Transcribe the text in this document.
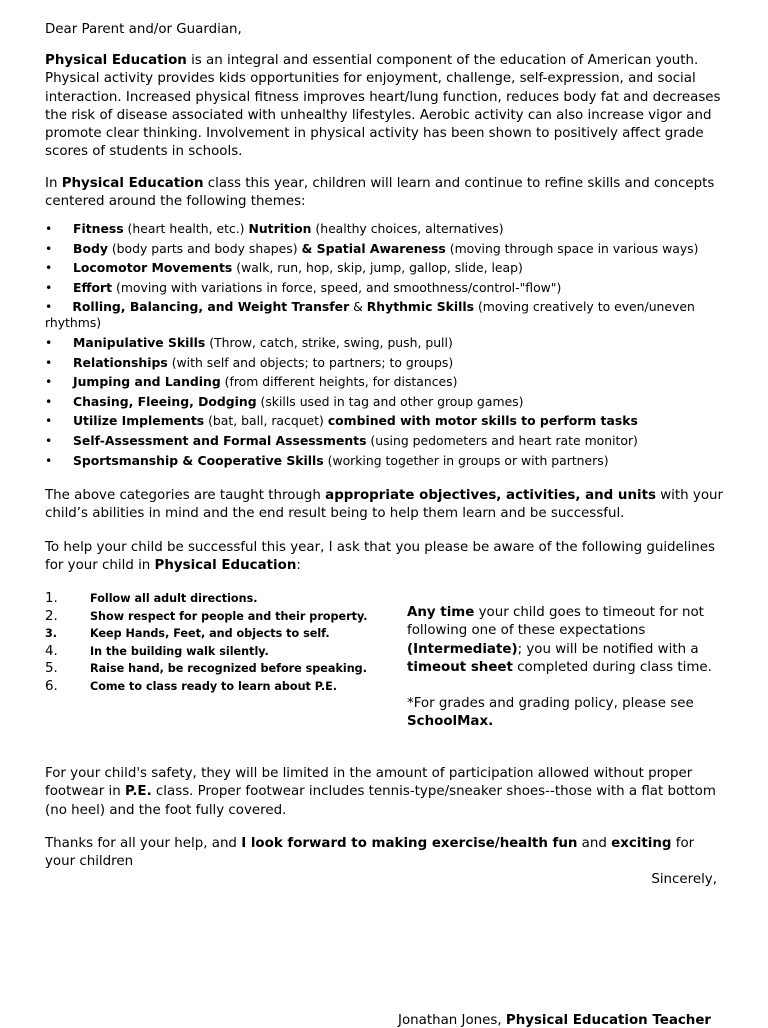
Dear Parent and/or Guardian,

Physical Education is an integral and essential component of the education of American youth. Physical activity provides kids opportunities for enjoyment, challenge, self-expression, and social interaction. Increased physical fitness improves heart/lung function, reduces body fat and decreases the risk of disease associated with unhealthy lifestyles. Aerobic activity can also increase vigor and promote clear thinking. Involvement in physical activity has been shown to positively affect grade scores of students in schools.

In Physical Education class this year, children will learn and continue to refine skills and concepts centered around the following themes:

• Fitness (heart health, etc.) Nutrition (healthy choices, alternatives)
• Body (body parts and body shapes) & Spatial Awareness (moving through space in various ways)
• Locomotor Movements (walk, run, hop, skip, jump, gallop, slide, leap)
• Effort (moving with variations in force, speed, and smoothness/control-"flow")
• Rolling, Balancing, and Weight Transfer & Rhythmic Skills (moving creatively to even/uneven rhythms)
• Manipulative Skills (Throw, catch, strike, swing, push, pull)
• Relationships (with self and objects; to partners; to groups)
• Jumping and Landing (from different heights, for distances)
• Chasing, Fleeing, Dodging (skills used in tag and other group games)
• Utilize Implements (bat, ball, racquet) combined with motor skills to perform tasks
• Self-Assessment and Formal Assessments (using pedometers and heart rate monitor)
• Sportsmanship & Cooperative Skills (working together in groups or with partners)

The above categories are taught through appropriate objectives, activities, and units with your child’s abilities in mind and the end result being to help them learn and be successful.

To help your child be successful this year, I ask that you please be aware of the following guidelines for your child in Physical Education:

1.	Follow all adult directions.
2.	Show respect for people and their property.
3.	Keep Hands, Feet, and objects to self.
4.	In the building walk silently.
5.	Raise hand, be recognized before speaking.
6.	Come to class ready to learn about P.E.

Any time your child goes to timeout for not following one of these expectations (Intermediate); you will be notified with a timeout sheet completed during class time.

*For grades and grading policy, please see SchoolMax.

For your child's safety, they will be limited in the amount of participation allowed without proper footwear in P.E. class. Proper footwear includes tennis-type/sneaker shoes--those with a flat bottom (no heel) and the foot fully covered.

Thanks for all your help, and I look forward to making exercise/health fun and exciting for your children

Sincerely,
Jonathan Jones, Physical Education Teacher
